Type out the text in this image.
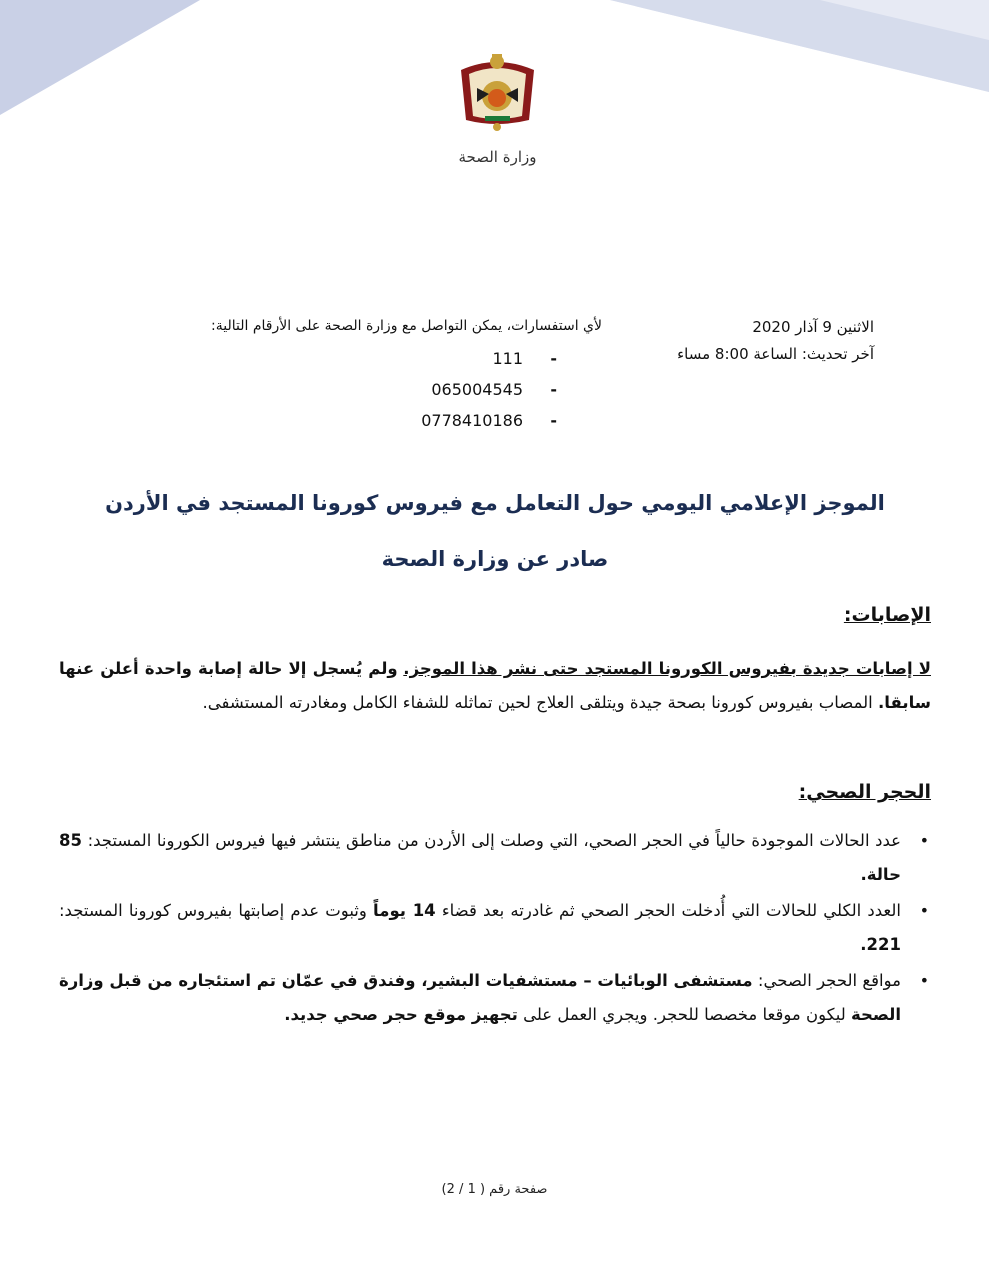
وزارة الصحة
الاثنين 9 آذار 2020
آخر تحديث: الساعة 8:00 مساء
لأي استفسارات، يمكن التواصل مع وزارة الصحة على الأرقام التالية:
-
111
-
065004545
-
0778410186
الموجز الإعلامي اليومي حول التعامل مع فيروس كورونا المستجد في الأردن
صادر عن وزارة الصحة
الإصابات:
لا إصابات جديدة بفيروس الكورونا المستجد حتى نشر هذا الموجز. ولم يُسجل إلا حالة إصابة واحدة أعلن عنها سابقا. المصاب بفيروس كورونا بصحة جيدة ويتلقى العلاج لحين تماثله للشفاء الكامل ومغادرته المستشفى.
الحجر الصحي:
•
عدد الحالات الموجودة حالياً في الحجر الصحي، التي وصلت إلى الأردن من مناطق ينتشر فيها فيروس الكورونا المستجد: 85 حالة.
•
العدد الكلي للحالات التي أُدخلت الحجر الصحي ثم غادرته بعد قضاء 14 يوماً وثبوت عدم إصابتها بفيروس كورونا المستجد: 221.
•
مواقع الحجر الصحي: مستشفى الوبائيات – مستشفيات البشير، وفندق في عمّان تم استئجاره من قبل وزارة الصحة ليكون موقعا مخصصا للحجر. ويجري العمل على تجهيز موقع حجر صحي جديد.
صفحة رقم ( 1 / 2)
